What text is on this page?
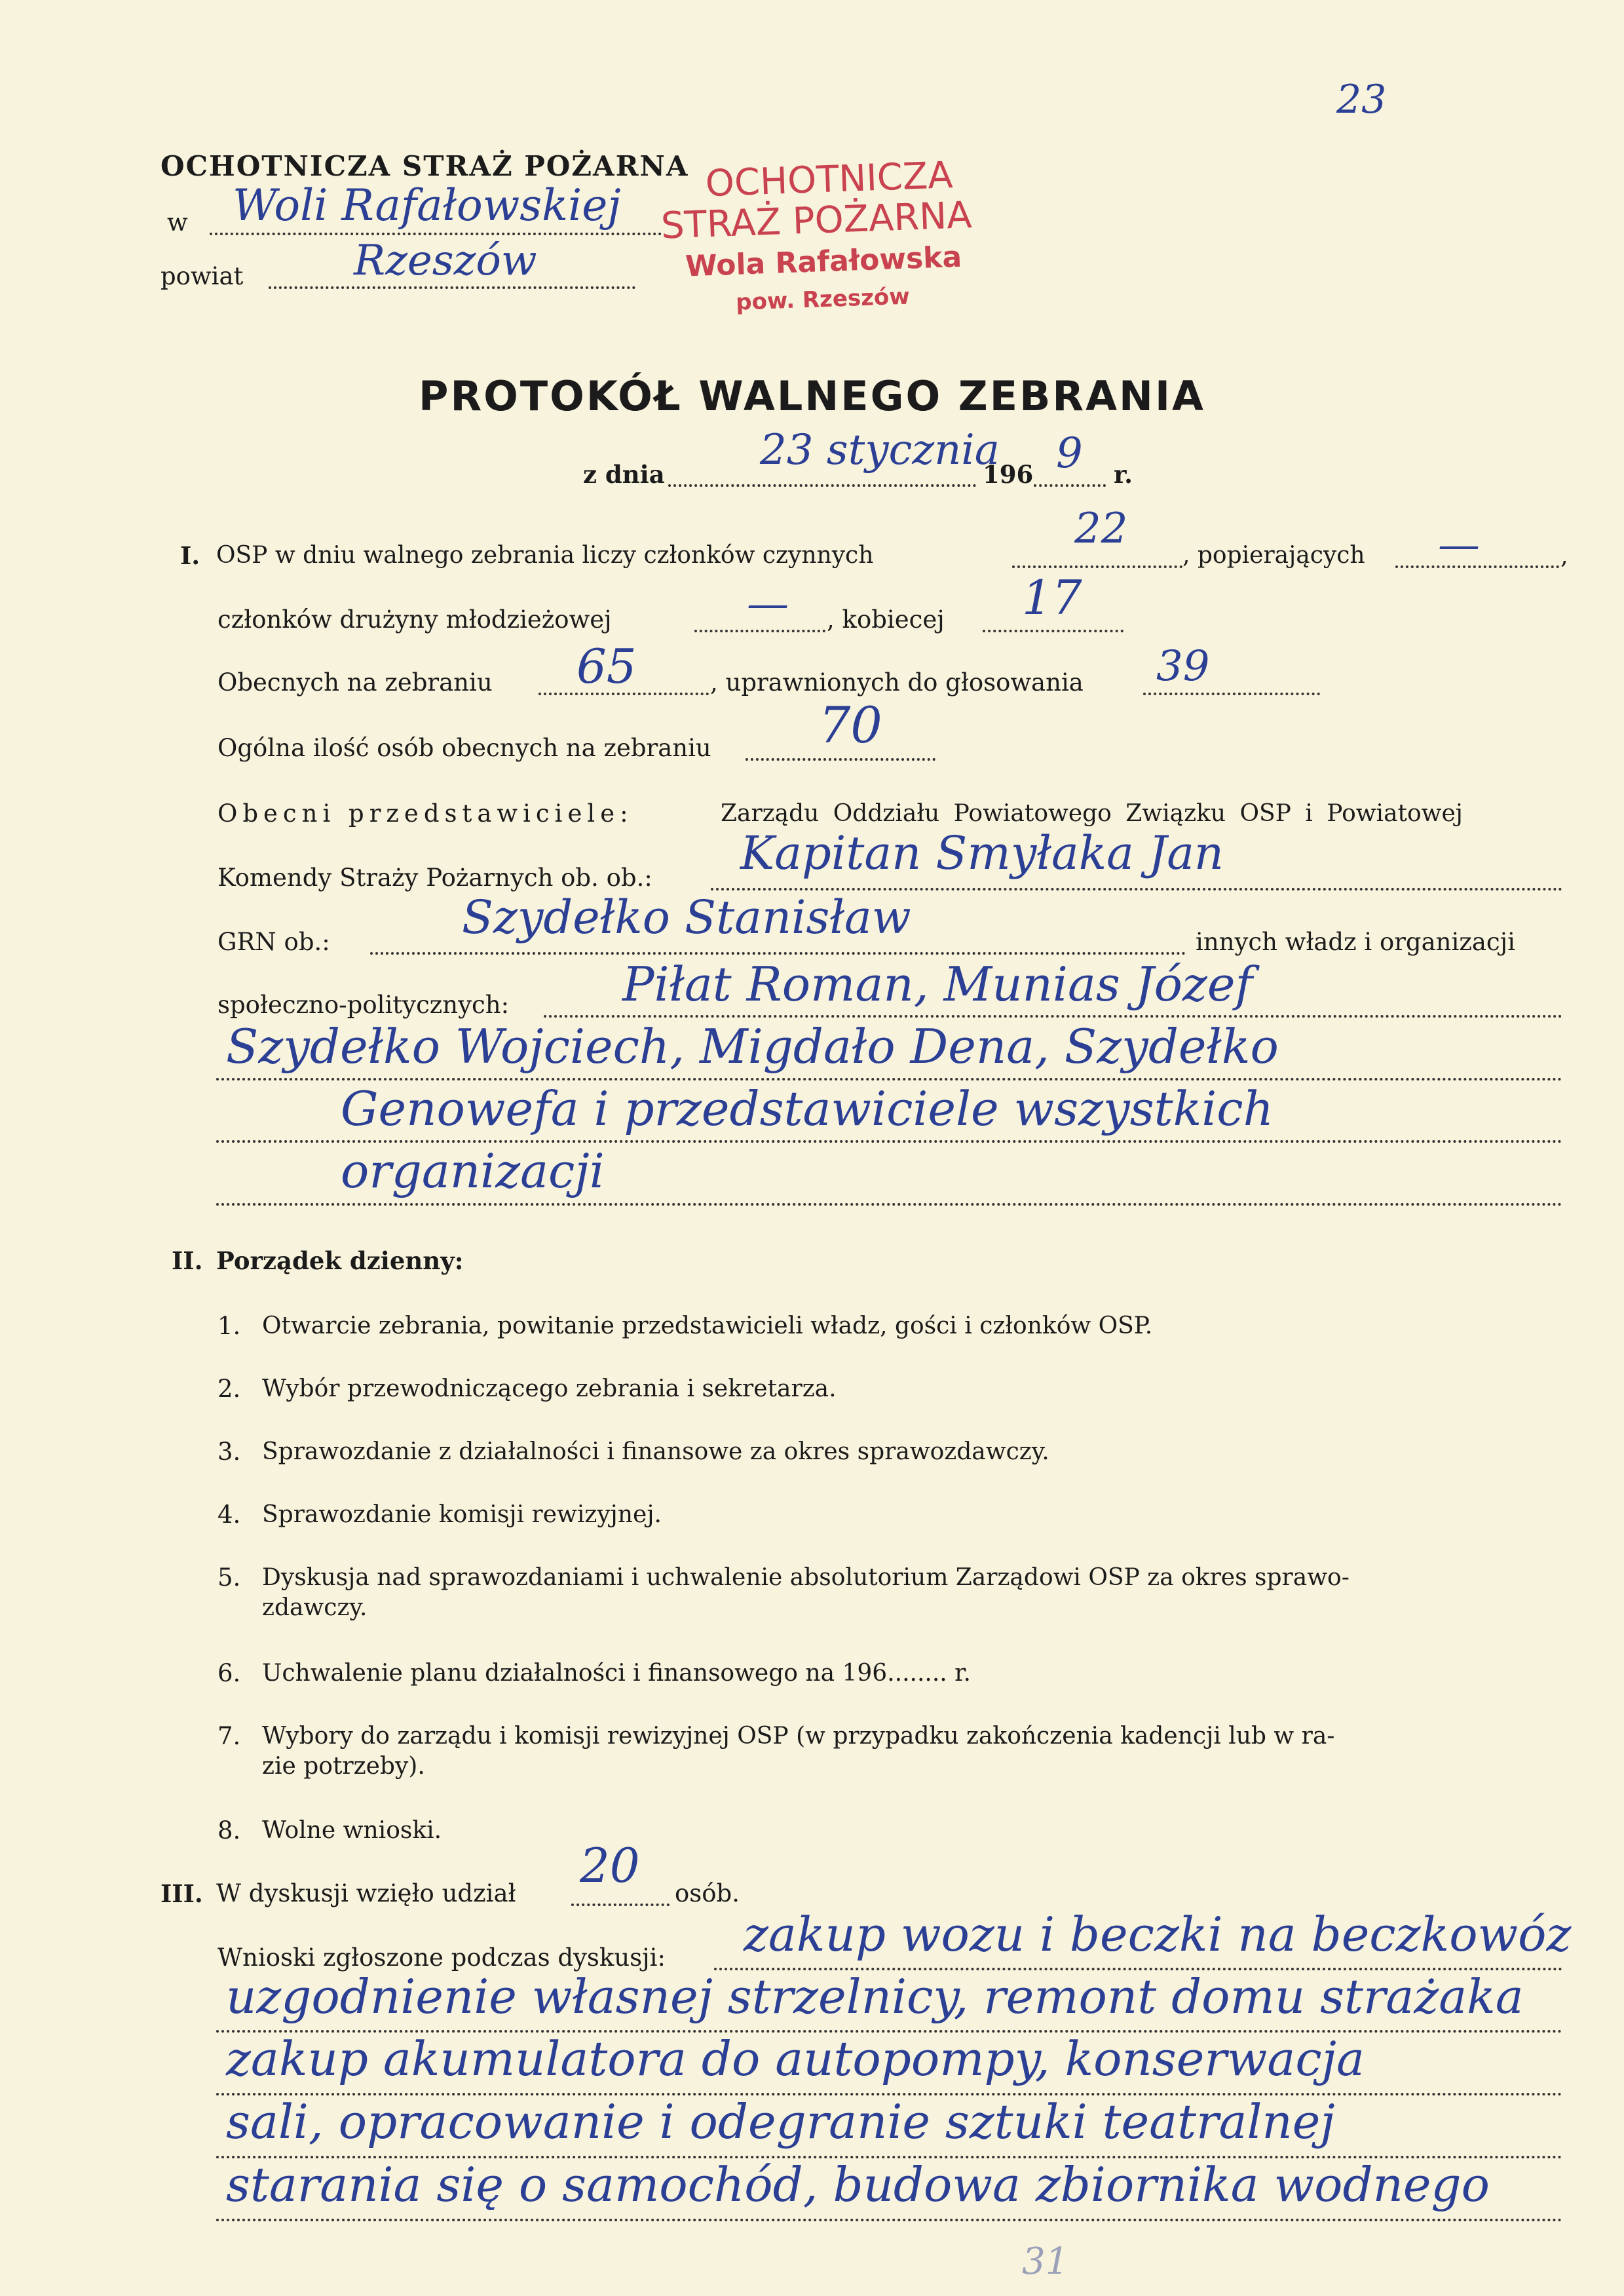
23
OCHOTNICZA STRAŻ POŻARNA
w Woli Rafałowskiej
powiat	Rzeszów
OCHOTNICZA
STRAŻ POŻARNA
Wola Rafałowska
pow. Rzeszów
PROTOKÓŁ WALNEGO ZEBRANIA
z dnia 23 stycznia
196 9 r.
I. OSP w dniu walnego zebrania liczy członków czynnych
22
, popierających —	,
członków drużyny młodzieżowej	— , kobiecej 17
Obecnych na zebraniu 65	, uprawnionych do głosowania 39
Ogólna ilość osób obecnych na zebraniu 70
Obecni przedstawiciele:	Zarządu Oddziału Powiatowego Związku OSP i Powiatowej
Komendy Straży Pożarnych ob. ob.: Kapitan Smyłaka Jan
GRN ob.:	Szydełko Stanisław	innych władz i organizacji
społeczno-politycznych: Piłat Roman, Munias Józef
Szydełko Wojciech, Migdało Dena, Szydełko
Genowefa i przedstawiciele wszystkich
organizacji
II. Porządek dzienny:
1. Otwarcie zebrania, powitanie przedstawicieli władz, gości i członków OSP.
2. Wybór przewodniczącego zebrania i sekretarza.
3. Sprawozdanie z działalności i finansowe za okres sprawozdawczy.
4. Sprawozdanie komisji rewizyjnej.
5. Dyskusja nad sprawozdaniami i uchwalenie absolutorium Zarządowi OSP za okres sprawo-
zdawczy.
6. Uchwalenie planu działalności i finansowego na 196........ r.
7. Wybory do zarządu i komisji rewizyjnej OSP (w przypadku zakończenia kadencji lub w ra-
zie potrzeby).
8. Wolne wnioski.
III. W dyskusji wzięło udział
20
osób.
Wnioski zgłoszone podczas dyskusji: zakup wozu i beczki na beczkowóz
uzgodnienie własnej strzelnicy, remont domu strażaka
zakup akumulatora do autopompy, konserwacja
sali, opracowanie i odegranie sztuki teatralnej
starania się o samochód, budowa zbiornika wodnego
31
